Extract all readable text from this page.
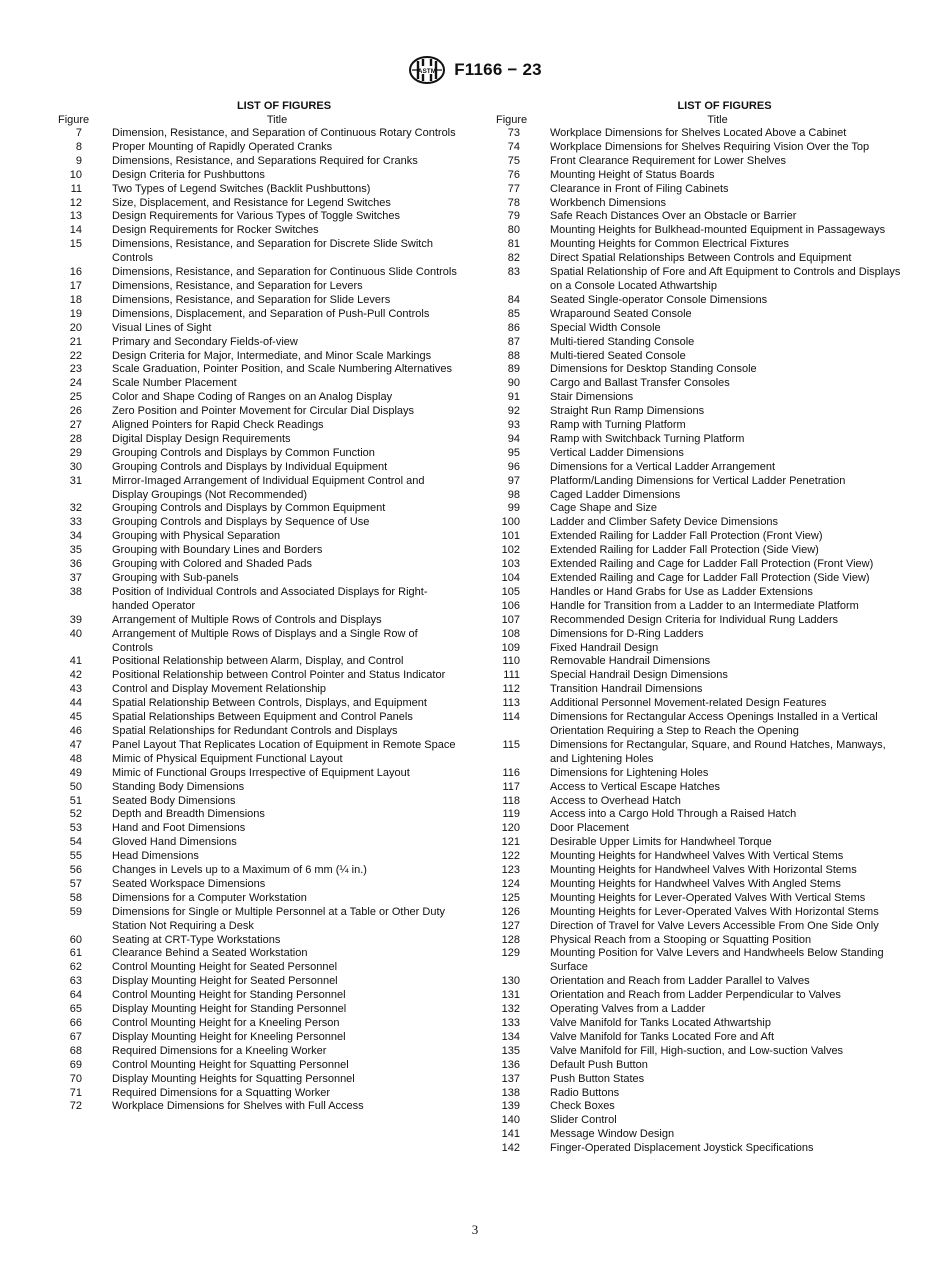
ASTM F1166 − 23
LIST OF FIGURES
Figure	Title
7	Dimension, Resistance, and Separation of Continuous Rotary Controls
8	Proper Mounting of Rapidly Operated Cranks
9	Dimensions, Resistance, and Separations Required for Cranks
10	Design Criteria for Pushbuttons
11	Two Types of Legend Switches (Backlit Pushbuttons)
12	Size, Displacement, and Resistance for Legend Switches
13	Design Requirements for Various Types of Toggle Switches
14	Design Requirements for Rocker Switches
15	Dimensions, Resistance, and Separation for Discrete Slide Switch Controls
16	Dimensions, Resistance, and Separation for Continuous Slide Controls
17	Dimensions, Resistance, and Separation for Levers
18	Dimensions, Resistance, and Separation for Slide Levers
19	Dimensions, Displacement, and Separation of Push-Pull Controls
20	Visual Lines of Sight
21	Primary and Secondary Fields-of-view
22	Design Criteria for Major, Intermediate, and Minor Scale Markings
23	Scale Graduation, Pointer Position, and Scale Numbering Alternatives
24	Scale Number Placement
25	Color and Shape Coding of Ranges on an Analog Display
26	Zero Position and Pointer Movement for Circular Dial Displays
27	Aligned Pointers for Rapid Check Readings
28	Digital Display Design Requirements
29	Grouping Controls and Displays by Common Function
30	Grouping Controls and Displays by Individual Equipment
31	Mirror-Imaged Arrangement of Individual Equipment Control and Display Groupings (Not Recommended)
32	Grouping Controls and Displays by Common Equipment
33	Grouping Controls and Displays by Sequence of Use
34	Grouping with Physical Separation
35	Grouping with Boundary Lines and Borders
36	Grouping with Colored and Shaded Pads
37	Grouping with Sub-panels
38	Position of Individual Controls and Associated Displays for Right-handed Operator
39	Arrangement of Multiple Rows of Controls and Displays
40	Arrangement of Multiple Rows of Displays and a Single Row of Controls
41	Positional Relationship between Alarm, Display, and Control
42	Positional Relationship between Control Pointer and Status Indicator
43	Control and Display Movement Relationship
44	Spatial Relationship Between Controls, Displays, and Equipment
45	Spatial Relationships Between Equipment and Control Panels
46	Spatial Relationships for Redundant Controls and Displays
47	Panel Layout That Replicates Location of Equipment in Remote Space
48	Mimic of Physical Equipment Functional Layout
49	Mimic of Functional Groups Irrespective of Equipment Layout
50	Standing Body Dimensions
51	Seated Body Dimensions
52	Depth and Breadth Dimensions
53	Hand and Foot Dimensions
54	Gloved Hand Dimensions
55	Head Dimensions
56	Changes in Levels up to a Maximum of 6 mm (¼ in.)
57	Seated Workspace Dimensions
58	Dimensions for a Computer Workstation
59	Dimensions for Single or Multiple Personnel at a Table or Other Duty Station Not Requiring a Desk
60	Seating at CRT-Type Workstations
61	Clearance Behind a Seated Workstation
62	Control Mounting Height for Seated Personnel
63	Display Mounting Height for Seated Personnel
64	Control Mounting Height for Standing Personnel
65	Display Mounting Height for Standing Personnel
66	Control Mounting Height for a Kneeling Person
67	Display Mounting Height for Kneeling Personnel
68	Required Dimensions for a Kneeling Worker
69	Control Mounting Height for Squatting Personnel
70	Display Mounting Heights for Squatting Personnel
71	Required Dimensions for a Squatting Worker
72	Workplace Dimensions for Shelves with Full Access
LIST OF FIGURES
Figure	Title
73	Workplace Dimensions for Shelves Located Above a Cabinet
74	Workplace Dimensions for Shelves Requiring Vision Over the Top
75	Front Clearance Requirement for Lower Shelves
76	Mounting Height of Status Boards
77	Clearance in Front of Filing Cabinets
78	Workbench Dimensions
79	Safe Reach Distances Over an Obstacle or Barrier
80	Mounting Heights for Bulkhead-mounted Equipment in Passageways
81	Mounting Heights for Common Electrical Fixtures
82	Direct Spatial Relationships Between Controls and Equipment
83	Spatial Relationship of Fore and Aft Equipment to Controls and Displays on a Console Located Athwartship
84	Seated Single-operator Console Dimensions
85	Wraparound Seated Console
86	Special Width Console
87	Multi-tiered Standing Console
88	Multi-tiered Seated Console
89	Dimensions for Desktop Standing Console
90	Cargo and Ballast Transfer Consoles
91	Stair Dimensions
92	Straight Run Ramp Dimensions
93	Ramp with Turning Platform
94	Ramp with Switchback Turning Platform
95	Vertical Ladder Dimensions
96	Dimensions for a Vertical Ladder Arrangement
97	Platform/Landing Dimensions for Vertical Ladder Penetration
98	Caged Ladder Dimensions
99	Cage Shape and Size
100	Ladder and Climber Safety Device Dimensions
101	Extended Railing for Ladder Fall Protection (Front View)
102	Extended Railing for Ladder Fall Protection (Side View)
103	Extended Railing and Cage for Ladder Fall Protection (Front View)
104	Extended Railing and Cage for Ladder Fall Protection (Side View)
105	Handles or Hand Grabs for Use as Ladder Extensions
106	Handle for Transition from a Ladder to an Intermediate Platform
107	Recommended Design Criteria for Individual Rung Ladders
108	Dimensions for D-Ring Ladders
109	Fixed Handrail Design
110	Removable Handrail Dimensions
111	Special Handrail Design Dimensions
112	Transition Handrail Dimensions
113	Additional Personnel Movement-related Design Features
114	Dimensions for Rectangular Access Openings Installed in a Vertical Orientation Requiring a Step to Reach the Opening
115	Dimensions for Rectangular, Square, and Round Hatches, Manways, and Lightening Holes
116	Dimensions for Lightening Holes
117	Access to Vertical Escape Hatches
118	Access to Overhead Hatch
119	Access into a Cargo Hold Through a Raised Hatch
120	Door Placement
121	Desirable Upper Limits for Handwheel Torque
122	Mounting Heights for Handwheel Valves With Vertical Stems
123	Mounting Heights for Handwheel Valves With Horizontal Stems
124	Mounting Heights for Handwheel Valves With Angled Stems
125	Mounting Heights for Lever-Operated Valves With Vertical Stems
126	Mounting Heights for Lever-Operated Valves With Horizontal Stems
127	Direction of Travel for Valve Levers Accessible From One Side Only
128	Physical Reach from a Stooping or Squatting Position
129	Mounting Position for Valve Levers and Handwheels Below Standing Surface
130	Orientation and Reach from Ladder Parallel to Valves
131	Orientation and Reach from Ladder Perpendicular to Valves
132	Operating Valves from a Ladder
133	Valve Manifold for Tanks Located Athwartship
134	Valve Manifold for Tanks Located Fore and Aft
135	Valve Manifold for Fill, High-suction, and Low-suction Valves
136	Default Push Button
137	Push Button States
138	Radio Buttons
139	Check Boxes
140	Slider Control
141	Message Window Design
142	Finger-Operated Displacement Joystick Specifications
3
